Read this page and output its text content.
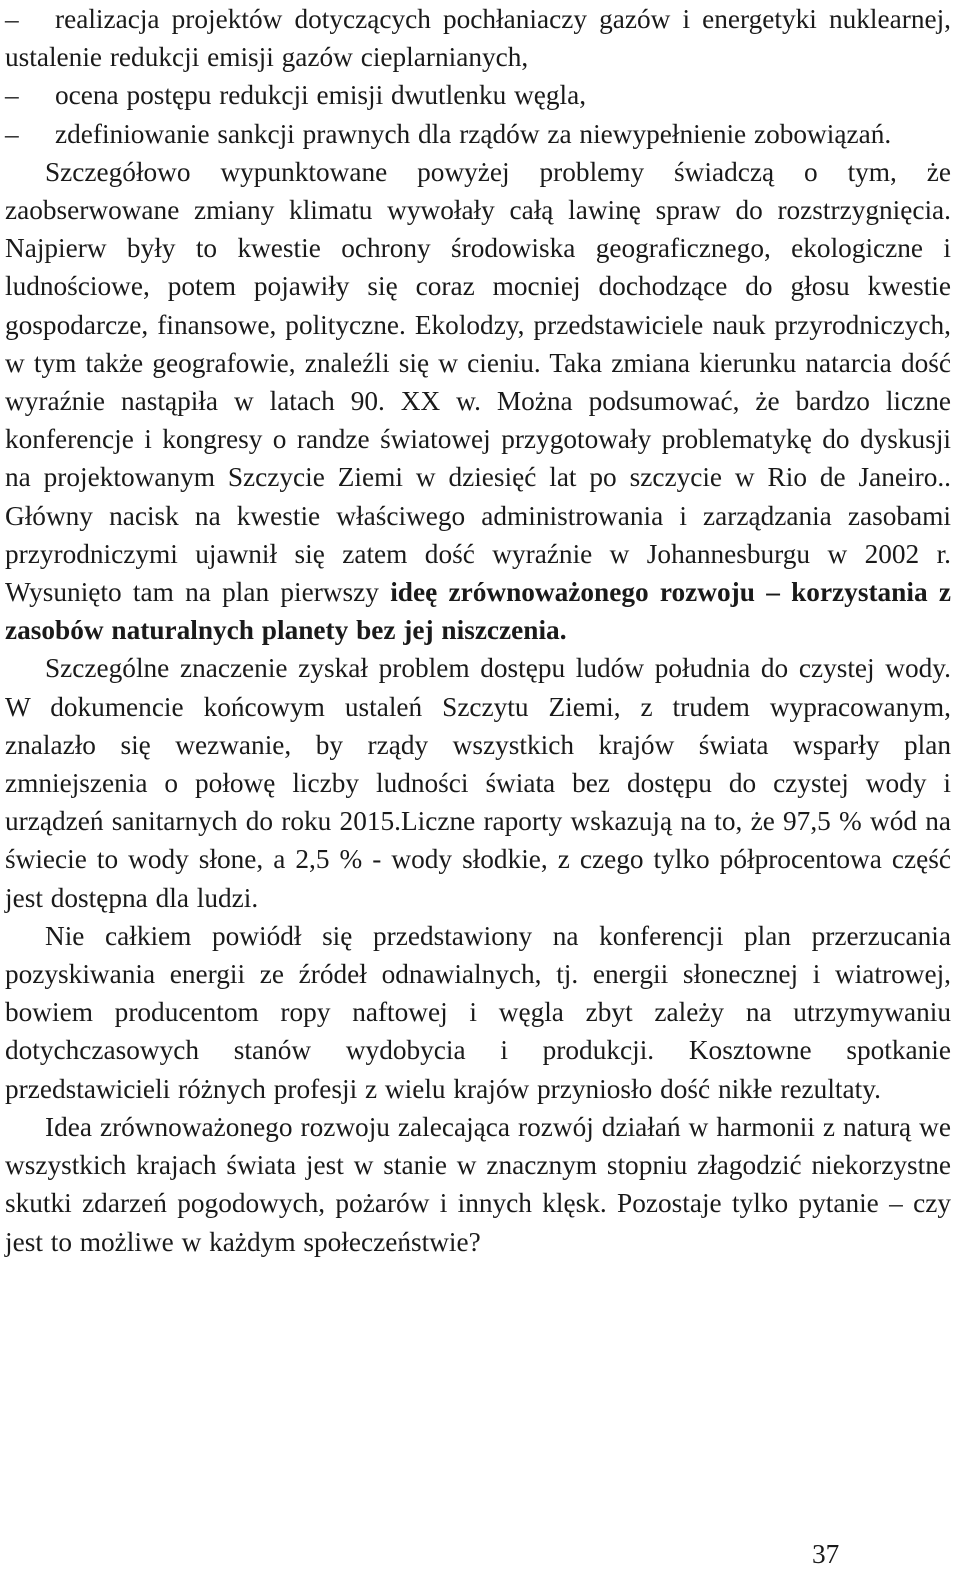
– realizacja projektów dotyczących pochłaniaczy gazów i energetyki nuklearnej, ustalenie redukcji emisji gazów cieplarnianych,

– ocena postępu redukcji emisji dwutlenku węgla,

– zdefiniowanie sankcji prawnych dla rządów za niewypełnienie zobowiązań.

Szczegółowo wypunktowane powyżej problemy świadczą o tym, że zaobserwowane zmiany klimatu wywołały całą lawinę spraw do rozstrzygnięcia. Najpierw były to kwestie ochrony środowiska geograficznego, ekologiczne i ludnościowe, potem pojawiły się coraz mocniej dochodzące do głosu kwestie gospodarcze, finansowe, polityczne. Ekolodzy, przedstawiciele nauk przyrodniczych, w tym także geografowie, znaleźli się w cieniu. Taka zmiana kierunku natarcia dość wyraźnie nastąpiła w latach 90. XX w. Można podsumować, że bardzo liczne konferencje i kongresy o randze światowej przygotowały problematykę do dyskusji na projektowanym Szczycie Ziemi w dziesięć lat po szczycie w Rio de Janeiro.. Główny nacisk na kwestie właściwego administrowania i zarządzania zasobami przyrodniczymi ujawnił się zatem dość wyraźnie w Johannesburgu w 2002 r. Wysunięto tam na plan pierwszy ideę zrównoważonego rozwoju – korzystania z zasobów naturalnych planety bez jej niszczenia.

Szczególne znaczenie zyskał problem dostępu ludów południa do czystej wody. W dokumencie końcowym ustaleń Szczytu Ziemi, z trudem wypracowanym, znalazło się wezwanie, by rządy wszystkich krajów świata wsparły plan zmniejszenia o połowę liczby ludności świata bez dostępu do czystej wody i urządzeń sanitarnych do roku 2015.Liczne raporty wskazują na to, że 97,5 % wód na świecie to wody słone, a 2,5 % - wody słodkie, z czego tylko półprocentowa część jest dostępna dla ludzi.

Nie całkiem powiódł się przedstawiony na konferencji plan przerzucania pozyskiwania energii ze źródeł odnawialnych, tj. energii słonecznej i wiatrowej, bowiem producentom ropy naftowej i węgla zbyt zależy na utrzymywaniu dotychczasowych stanów wydobycia i produkcji. Kosztowne spotkanie przedstawicieli różnych profesji z wielu krajów przyniosło dość nikłe rezultaty.

Idea zrównoważonego rozwoju zalecająca rozwój działań w harmonii z naturą we wszystkich krajach świata jest w stanie w znacznym stopniu złagodzić niekorzystne skutki zdarzeń pogodowych, pożarów i innych klęsk. Pozostaje tylko pytanie – czy jest to możliwe w każdym społeczeństwie?

37
